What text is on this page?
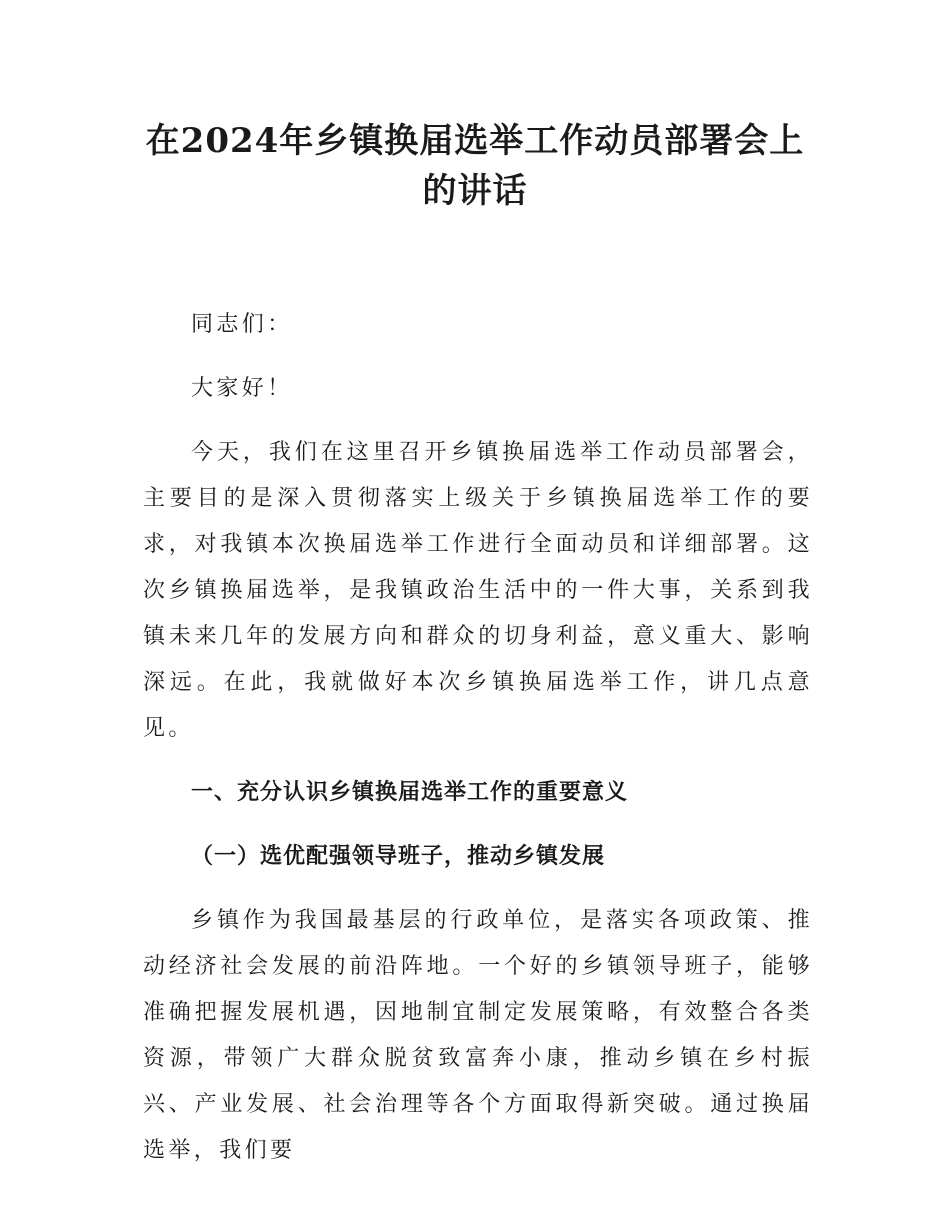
在2024年乡镇换届选举工作动员部署会上的讲话

同志们：

大家好！

今天，我们在这里召开乡镇换届选举工作动员部署会，主要目的是深入贯彻落实上级关于乡镇换届选举工作的要求，对我镇本次换届选举工作进行全面动员和详细部署。这次乡镇换届选举，是我镇政治生活中的一件大事，关系到我镇未来几年的发展方向和群众的切身利益，意义重大、影响深远。在此，我就做好本次乡镇换届选举工作，讲几点意见。

一、充分认识乡镇换届选举工作的重要意义
（一）选优配强领导班子，推动乡镇发展

乡镇作为我国最基层的行政单位，是落实各项政策、推动经济社会发展的前沿阵地。一个好的乡镇领导班子，能够准确把握发展机遇，因地制宜制定发展策略，有效整合各类资源，带领广大群众脱贫致富奔小康，推动乡镇在乡村振兴、产业发展、社会治理等各个方面取得新突破。通过换届选举，我们要
